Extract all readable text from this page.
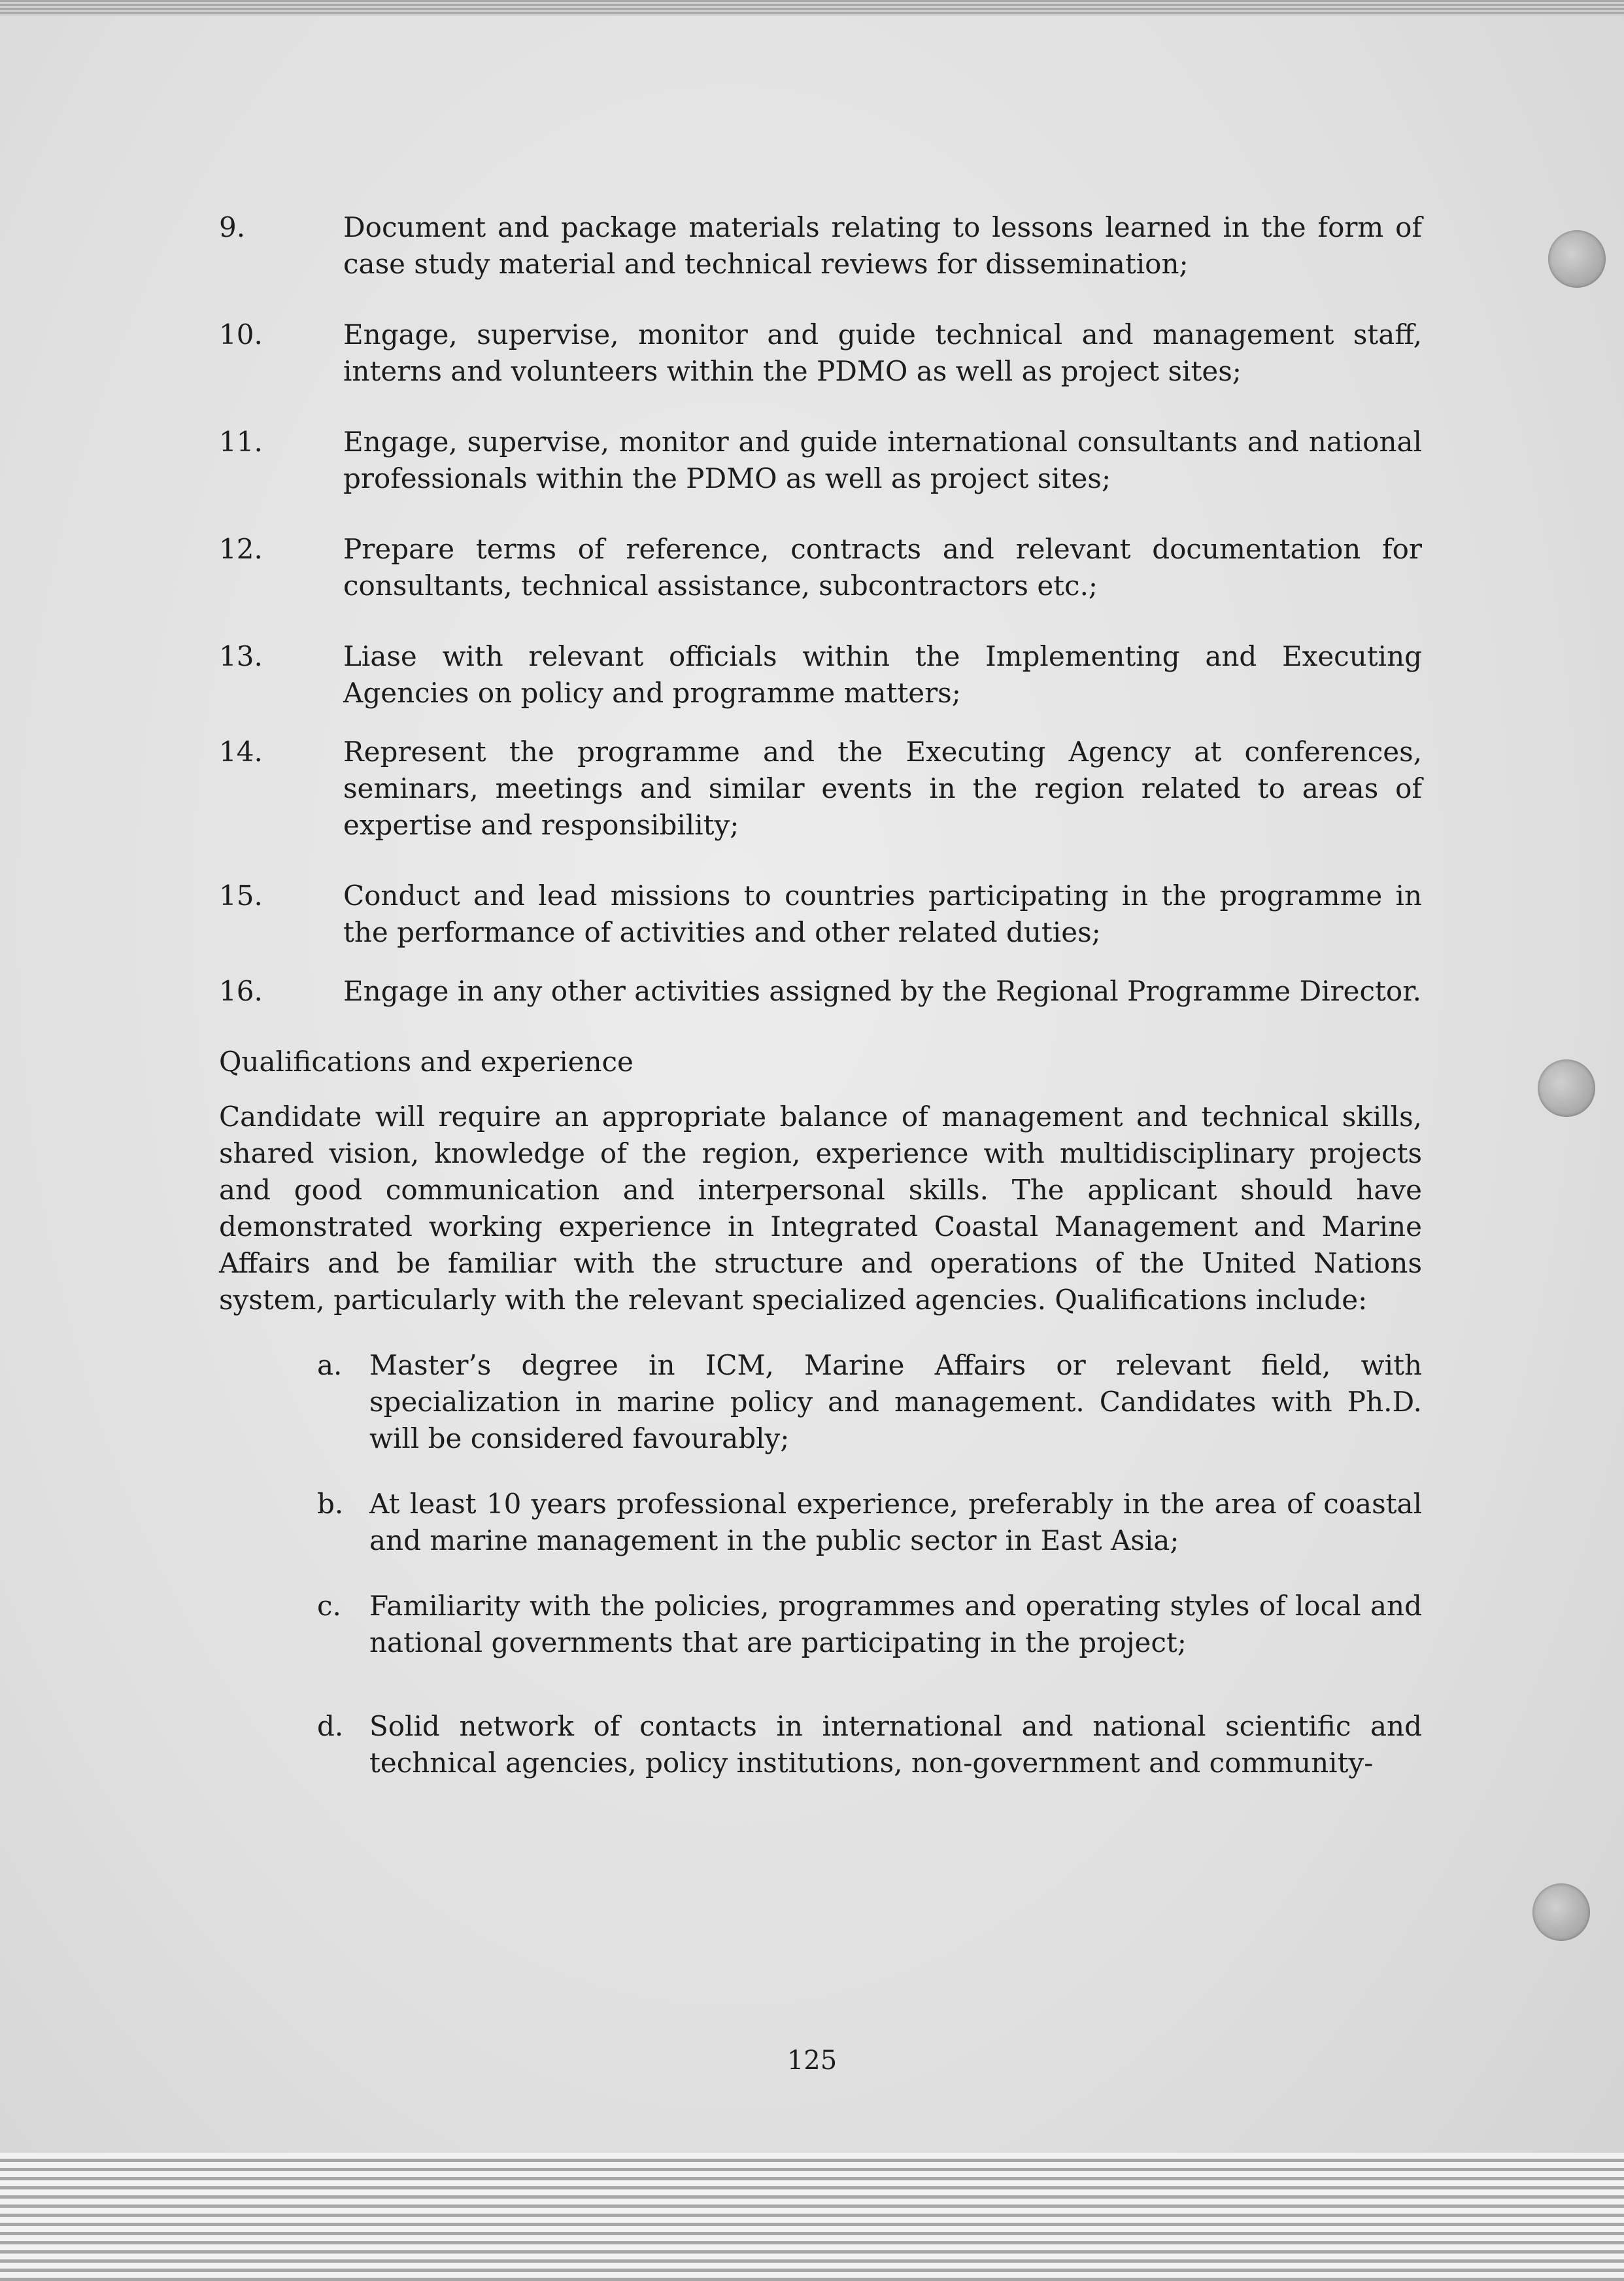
9.	Document and package materials relating to lessons learned in the form of case study material and technical reviews for dissemination;
10.	Engage, supervise, monitor and guide technical and management staff, interns and volunteers within the PDMO as well as project sites;
11.	Engage, supervise, monitor and guide international consultants and national professionals within the PDMO as well as project sites;
12.	Prepare terms of reference, contracts and relevant documentation for consultants, technical assistance, subcontractors etc.;
13.	Liase with relevant officials within the Implementing and Executing Agencies on policy and programme matters;
14.	Represent the programme and the Executing Agency at conferences, seminars, meetings and similar events in the region related to areas of expertise and responsibility;
15.	Conduct and lead missions to countries participating in the programme in the performance of activities and other related duties;
16.	Engage in any other activities assigned by the Regional Programme Director.
Qualifications and experience
Candidate will require an appropriate balance of management and technical skills, shared vision, knowledge of the region, experience with multidisciplinary projects and good communication and interpersonal skills. The applicant should have demonstrated working experience in Integrated Coastal Management and Marine Affairs and be familiar with the structure and operations of the United Nations system, particularly with the relevant specialized agencies. Qualifications include:
a. Master’s degree in ICM, Marine Affairs or relevant field, with specialization in marine policy and management. Candidates with Ph.D. will be considered favourably;
b. At least 10 years professional experience, preferably in the area of coastal and marine management in the public sector in East Asia;
c.	Familiarity with the policies, programmes and operating styles of local and national governments that are participating in the project;
d. Solid network of contacts in international and national scientific and technical agencies, policy institutions, non-government and community-
125
